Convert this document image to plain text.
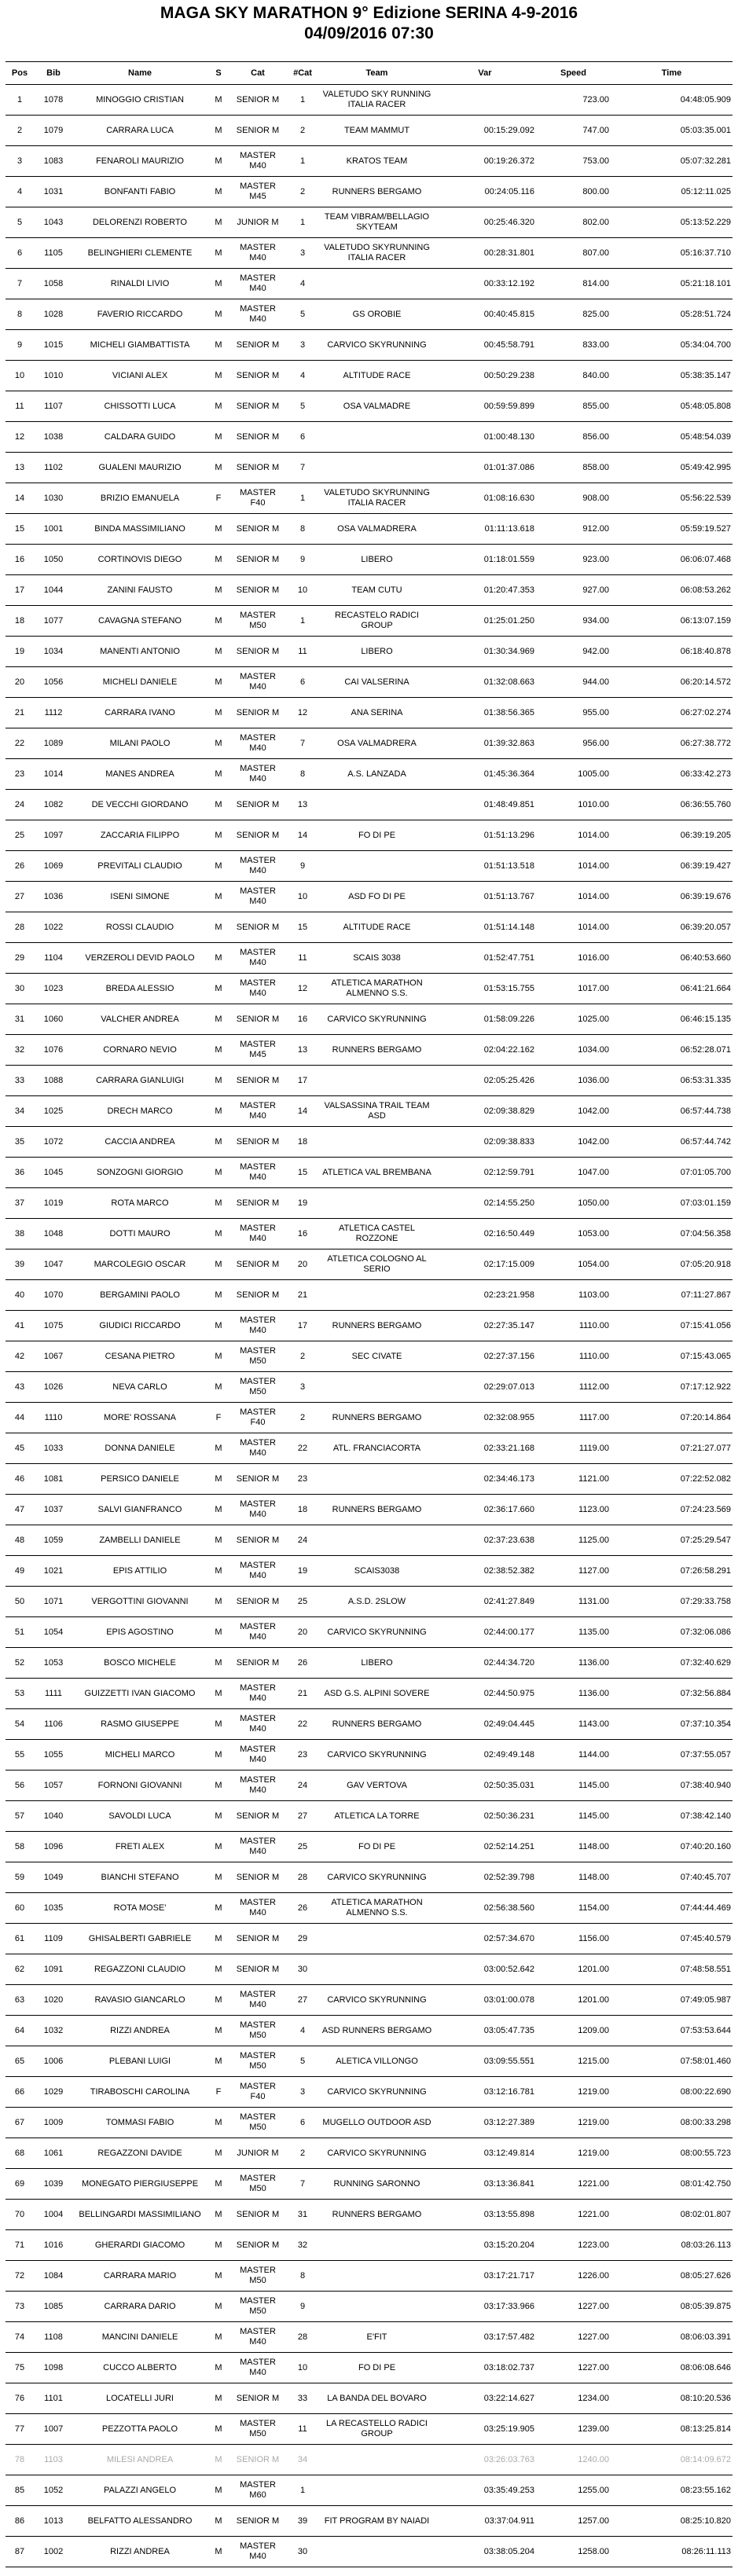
MAGA SKY MARATHON 9° Edizione SERINA 4-9-2016
04/09/2016 07:30
Pos	Bib	Name	S	Cat	#Cat	Team	Var	Speed	Time
1	1078	MINOGGIO CRISTIAN	M	SENIOR M	1	VALETUDO SKY RUNNING ITALIA RACER		723.00	04:48:05.909
2	1079	CARRARA LUCA	M	SENIOR M	2	TEAM MAMMUT	00:15:29.092	747.00	05:03:35.001
3	1083	FENAROLI MAURIZIO	M	MASTER M40	1	KRATOS TEAM	00:19:26.372	753.00	05:07:32.281
4	1031	BONFANTI FABIO	M	MASTER M45	2	RUNNERS BERGAMO	00:24:05.116	800.00	05:12:11.025
5	1043	DELORENZI ROBERTO	M	JUNIOR M	1	TEAM VIBRAM/BELLAGIO SKYTEAM	00:25:46.320	802.00	05:13:52.229
6	1105	BELINGHIERI CLEMENTE	M	MASTER M40	3	VALETUDO SKYRUNNING ITALIA RACER	00:28:31.801	807.00	05:16:37.710
7	1058	RINALDI LIVIO	M	MASTER M40	4		00:33:12.192	814.00	05:21:18.101
8	1028	FAVERIO RICCARDO	M	MASTER M40	5	GS OROBIE	00:40:45.815	825.00	05:28:51.724
9	1015	MICHELI GIAMBATTISTA	M	SENIOR M	3	CARVICO SKYRUNNING	00:45:58.791	833.00	05:34:04.700
10	1010	VICIANI ALEX	M	SENIOR M	4	ALTITUDE RACE	00:50:29.238	840.00	05:38:35.147
11	1107	CHISSOTTI LUCA	M	SENIOR M	5	OSA VALMADRE	00:59:59.899	855.00	05:48:05.808
12	1038	CALDARA GUIDO	M	SENIOR M	6		01:00:48.130	856.00	05:48:54.039
13	1102	GUALENI MAURIZIO	M	SENIOR M	7		01:01:37.086	858.00	05:49:42.995
14	1030	BRIZIO EMANUELA	F	MASTER F40	1	VALETUDO SKYRUNNING ITALIA RACER	01:08:16.630	908.00	05:56:22.539
15	1001	BINDA MASSIMILIANO	M	SENIOR M	8	OSA VALMADRERA	01:11:13.618	912.00	05:59:19.527
16	1050	CORTINOVIS DIEGO	M	SENIOR M	9	LIBERO	01:18:01.559	923.00	06:06:07.468
17	1044	ZANINI FAUSTO	M	SENIOR M	10	TEAM CUTU	01:20:47.353	927.00	06:08:53.262
18	1077	CAVAGNA STEFANO	M	MASTER M50	1	RECASTELO RADICI GROUP	01:25:01.250	934.00	06:13:07.159
19	1034	MANENTI ANTONIO	M	SENIOR M	11	LIBERO	01:30:34.969	942.00	06:18:40.878
20	1056	MICHELI DANIELE	M	MASTER M40	6	CAI VALSERINA	01:32:08.663	944.00	06:20:14.572
21	1112	CARRARA IVANO	M	SENIOR M	12	ANA SERINA	01:38:56.365	955.00	06:27:02.274
22	1089	MILANI PAOLO	M	MASTER M40	7	OSA VALMADRERA	01:39:32.863	956.00	06:27:38.772
23	1014	MANES ANDREA	M	MASTER M40	8	A.S. LANZADA	01:45:36.364	1005.00	06:33:42.273
24	1082	DE VECCHI GIORDANO	M	SENIOR M	13		01:48:49.851	1010.00	06:36:55.760
25	1097	ZACCARIA FILIPPO	M	SENIOR M	14	FO DI PE	01:51:13.296	1014.00	06:39:19.205
26	1069	PREVITALI CLAUDIO	M	MASTER M40	9		01:51:13.518	1014.00	06:39:19.427
27	1036	ISENI SIMONE	M	MASTER M40	10	ASD FO DI PE	01:51:13.767	1014.00	06:39:19.676
28	1022	ROSSI CLAUDIO	M	SENIOR M	15	ALTITUDE RACE	01:51:14.148	1014.00	06:39:20.057
29	1104	VERZEROLI DEVID PAOLO	M	MASTER M40	11	SCAIS 3038	01:52:47.751	1016.00	06:40:53.660
30	1023	BREDA ALESSIO	M	MASTER M40	12	ATLETICA MARATHON ALMENNO S.S.	01:53:15.755	1017.00	06:41:21.664
31	1060	VALCHER ANDREA	M	SENIOR M	16	CARVICO SKYRUNNING	01:58:09.226	1025.00	06:46:15.135
32	1076	CORNARO NEVIO	M	MASTER M45	13	RUNNERS BERGAMO	02:04:22.162	1034.00	06:52:28.071
33	1088	CARRARA GIANLUIGI	M	SENIOR M	17		02:05:25.426	1036.00	06:53:31.335
34	1025	DRECH MARCO	M	MASTER M40	14	VALSASSINA TRAIL TEAM ASD	02:09:38.829	1042.00	06:57:44.738
35	1072	CACCIA ANDREA	M	SENIOR M	18		02:09:38.833	1042.00	06:57:44.742
36	1045	SONZOGNI GIORGIO	M	MASTER M40	15	ATLETICA VAL BREMBANA	02:12:59.791	1047.00	07:01:05.700
37	1019	ROTA MARCO	M	SENIOR M	19		02:14:55.250	1050.00	07:03:01.159
38	1048	DOTTI MAURO	M	MASTER M40	16	ATLETICA CASTEL ROZZONE	02:16:50.449	1053.00	07:04:56.358
39	1047	MARCOLEGIO OSCAR	M	SENIOR M	20	ATLETICA COLOGNO AL SERIO	02:17:15.009	1054.00	07:05:20.918
40	1070	BERGAMINI PAOLO	M	SENIOR M	21		02:23:21.958	1103.00	07:11:27.867
41	1075	GIUDICI RICCARDO	M	MASTER M40	17	RUNNERS BERGAMO	02:27:35.147	1110.00	07:15:41.056
42	1067	CESANA PIETRO	M	MASTER M50	2	SEC CIVATE	02:27:37.156	1110.00	07:15:43.065
43	1026	NEVA CARLO	M	MASTER M50	3		02:29:07.013	1112.00	07:17:12.922
44	1110	MORE' ROSSANA	F	MASTER F40	2	RUNNERS BERGAMO	02:32:08.955	1117.00	07:20:14.864
45	1033	DONNA DANIELE	M	MASTER M40	22	ATL. FRANCIACORTA	02:33:21.168	1119.00	07:21:27.077
46	1081	PERSICO DANIELE	M	SENIOR M	23		02:34:46.173	1121.00	07:22:52.082
47	1037	SALVI GIANFRANCO	M	MASTER M40	18	RUNNERS BERGAMO	02:36:17.660	1123.00	07:24:23.569
48	1059	ZAMBELLI DANIELE	M	SENIOR M	24		02:37:23.638	1125.00	07:25:29.547
49	1021	EPIS ATTILIO	M	MASTER M40	19	SCAIS3038	02:38:52.382	1127.00	07:26:58.291
50	1071	VERGOTTINI GIOVANNI	M	SENIOR M	25	A.S.D. 2SLOW	02:41:27.849	1131.00	07:29:33.758
51	1054	EPIS AGOSTINO	M	MASTER M40	20	CARVICO SKYRUNNING	02:44:00.177	1135.00	07:32:06.086
52	1053	BOSCO MICHELE	M	SENIOR M	26	LIBERO	02:44:34.720	1136.00	07:32:40.629
53	1111	GUIZZETTI IVAN GIACOMO	M	MASTER M40	21	ASD G.S. ALPINI SOVERE	02:44:50.975	1136.00	07:32:56.884
54	1106	RASMO GIUSEPPE	M	MASTER M40	22	RUNNERS BERGAMO	02:49:04.445	1143.00	07:37:10.354
55	1055	MICHELI MARCO	M	MASTER M40	23	CARVICO SKYRUNNING	02:49:49.148	1144.00	07:37:55.057
56	1057	FORNONI GIOVANNI	M	MASTER M40	24	GAV VERTOVA	02:50:35.031	1145.00	07:38:40.940
57	1040	SAVOLDI LUCA	M	SENIOR M	27	ATLETICA LA TORRE	02:50:36.231	1145.00	07:38:42.140
58	1096	FRETI ALEX	M	MASTER M40	25	FO DI PE	02:52:14.251	1148.00	07:40:20.160
59	1049	BIANCHI STEFANO	M	SENIOR M	28	CARVICO SKYRUNNING	02:52:39.798	1148.00	07:40:45.707
60	1035	ROTA MOSE'	M	MASTER M40	26	ATLETICA MARATHON ALMENNO S.S.	02:56:38.560	1154.00	07:44:44.469
61	1109	GHISALBERTI GABRIELE	M	SENIOR M	29		02:57:34.670	1156.00	07:45:40.579
62	1091	REGAZZONI CLAUDIO	M	SENIOR M	30		03:00:52.642	1201.00	07:48:58.551
63	1020	RAVASIO GIANCARLO	M	MASTER M40	27	CARVICO SKYRUNNING	03:01:00.078	1201.00	07:49:05.987
64	1032	RIZZI ANDREA	M	MASTER M50	4	ASD RUNNERS BERGAMO	03:05:47.735	1209.00	07:53:53.644
65	1006	PLEBANI LUIGI	M	MASTER M50	5	ALETICA VILLONGO	03:09:55.551	1215.00	07:58:01.460
66	1029	TIRABOSCHI CAROLINA	F	MASTER F40	3	CARVICO SKYRUNNING	03:12:16.781	1219.00	08:00:22.690
67	1009	TOMMASI FABIO	M	MASTER M50	6	MUGELLO OUTDOOR ASD	03:12:27.389	1219.00	08:00:33.298
68	1061	REGAZZONI DAVIDE	M	JUNIOR M	2	CARVICO SKYRUNNING	03:12:49.814	1219.00	08:00:55.723
69	1039	MONEGATO PIERGIUSEPPE	M	MASTER M50	7	RUNNING SARONNO	03:13:36.841	1221.00	08:01:42.750
70	1004	BELLINGARDI MASSIMILIANO	M	SENIOR M	31	RUNNERS BERGAMO	03:13:55.898	1221.00	08:02:01.807
71	1016	GHERARDI GIACOMO	M	SENIOR M	32		03:15:20.204	1223.00	08:03:26.113
72	1084	CARRARA MARIO	M	MASTER M50	8		03:17:21.717	1226.00	08:05:27.626
73	1085	CARRARA DARIO	M	MASTER M50	9		03:17:33.966	1227.00	08:05:39.875
74	1108	MANCINI DANIELE	M	MASTER M40	28	E'FIT	03:17:57.482	1227.00	08:06:03.391
75	1098	CUCCO ALBERTO	M	MASTER M40	10	FO DI PE	03:18:02.737	1227.00	08:06:08.646
76	1101	LOCATELLI JURI	M	SENIOR M	33	LA BANDA DEL BOVARO	03:22:14.627	1234.00	08:10:20.536
77	1007	PEZZOTTA PAOLO	M	MASTER M50	11	LA RECASTELLO RADICI GROUP	03:25:19.905	1239.00	08:13:25.814
78	1103	MILESI ANDREA	M	SENIOR M	34		03:26:03.763	1240.00	08:14:09.672
85	1052	PALAZZI ANGELO	M	MASTER M60	1		03:35:49.253	1255.00	08:23:55.162
86	1013	BELFATTO ALESSANDRO	M	SENIOR M	39	FIT PROGRAM BY NAIADI	03:37:04.911	1257.00	08:25:10.820
87	1002	RIZZI ANDREA	M	MASTER M40	30		03:38:05.204	1258.00	08:26:11.113
